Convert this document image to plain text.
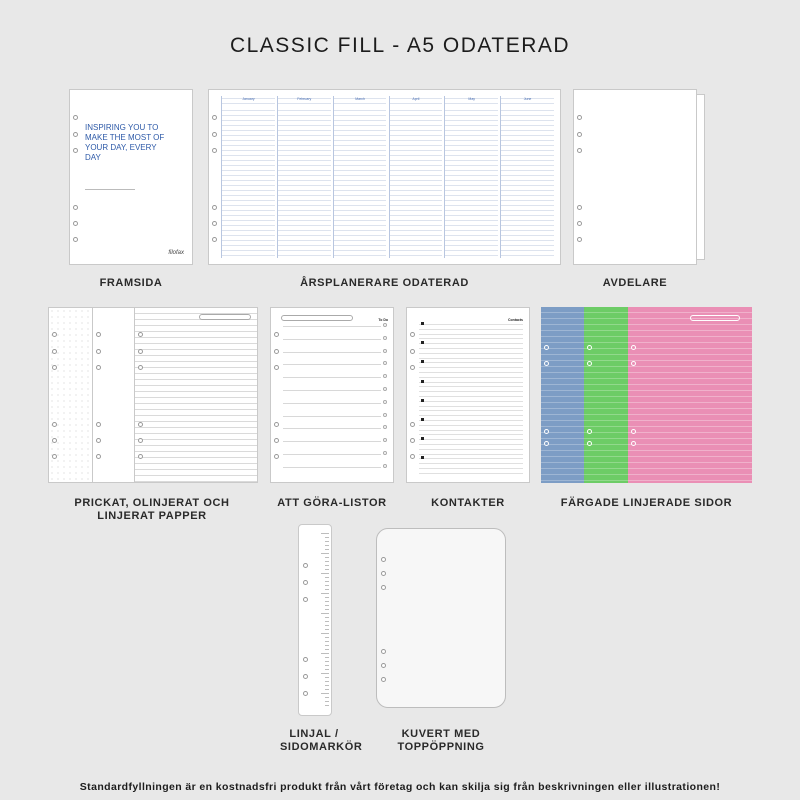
CLASSIC FILL - A5 ODATERAD
INSPIRING YOU TO MAKE THE MOST OF YOUR DAY, EVERY DAY
filofax
FRAMSIDA
January	February	March	April	May	June
ÅRSPLANERARE ODATERAD	AVDELARE
PRICKAT, OLINJERAT OCH LINJERAT PAPPER
To Do
ATT GÖRA-LISTOR
Contacts
KONTAKTER	FÄRGADE LINJERADE SIDOR
LINJAL / SIDOMARKÖR
KUVERT MED TOPPÖPPNING
Standardfyllningen är en kostnadsfri produkt från vårt företag och kan skilja sig från beskrivningen eller illustrationen!
